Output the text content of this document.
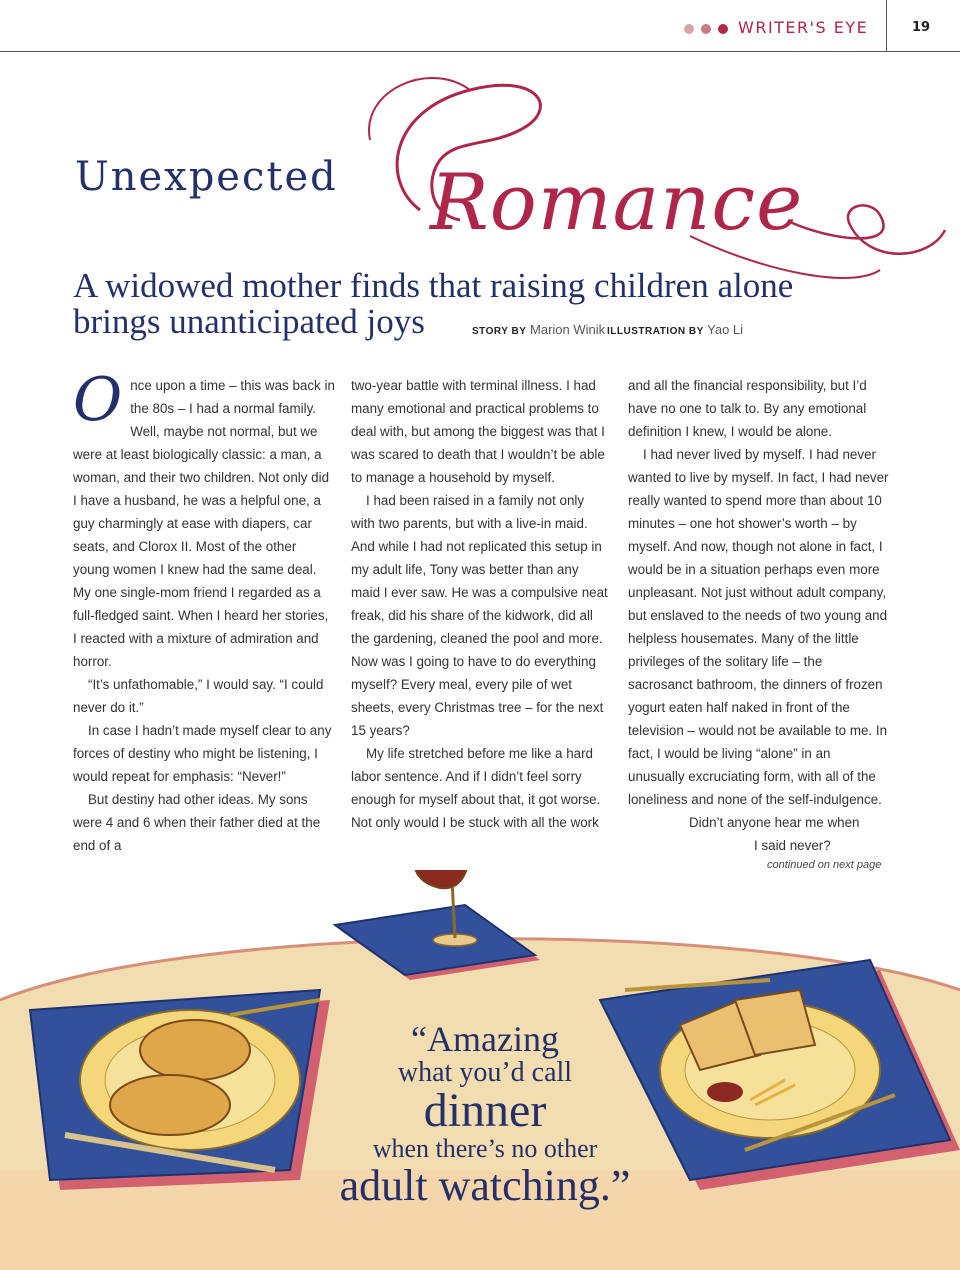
WRITER'S EYE	19
Unexpected Romance
A widowed mother finds that raising children alone brings unanticipated joys	STORY BY Marion Winik ILLUSTRATION BY Yao Li

Once upon a time – this was back in the 80s – I had a normal family. Well, maybe not normal, but we were at least biologically classic: a man, a woman, and their two children. Not only did I have a husband, he was a helpful one, a guy charmingly at ease with diapers, car seats, and Clorox II. Most of the other young women I knew had the same deal. My one single-mom friend I regarded as a full-fledged saint. When I heard her stories, I reacted with a mixture of admiration and horror.

“It’s unfathomable,” I would say. “I could never do it.”

In case I hadn’t made myself clear to any forces of destiny who might be listening, I would repeat for emphasis: “Never!”

But destiny had other ideas. My sons were 4 and 6 when their father died at the end of a

two-year battle with terminal illness. I had many emotional and practical problems to deal with, but among the biggest was that I was scared to death that I wouldn’t be able to manage a household by myself.

I had been raised in a family not only with two parents, but with a live-in maid. And while I had not replicated this setup in my adult life, Tony was better than any maid I ever saw. He was a compulsive neat freak, did his share of the kidwork, did all the gardening, cleaned the pool and more. Now was I going to have to do everything myself? Every meal, every pile of wet sheets, every Christmas tree – for the next 15 years?

My life stretched before me like a hard labor sentence. And if I didn’t feel sorry enough for myself about that, it got worse. Not only would I be stuck with all the work

and all the financial responsibility, but I’d have no one to talk to. By any emotional definition I knew, I would be alone.

I had never lived by myself. I had never wanted to live by myself. In fact, I had never really wanted to spend more than about 10 minutes – one hot shower’s worth – by myself. And now, though not alone in fact, I would be in a situation perhaps even more unpleasant. Not just without adult company, but enslaved to the needs of two young and helpless housemates. Many of the little privileges of the solitary life – the sacrosanct bathroom, the dinners of frozen yogurt eaten half naked in front of the television – would not be available to me. In fact, I would be living “alone” in an unusually excruciating form, with all of the loneliness and none of the self-indulgence.

Didn’t anyone hear me when

I said never?

continued on next page
“Amazing
what you’d call
dinner
when there’s no other
adult watching.”
